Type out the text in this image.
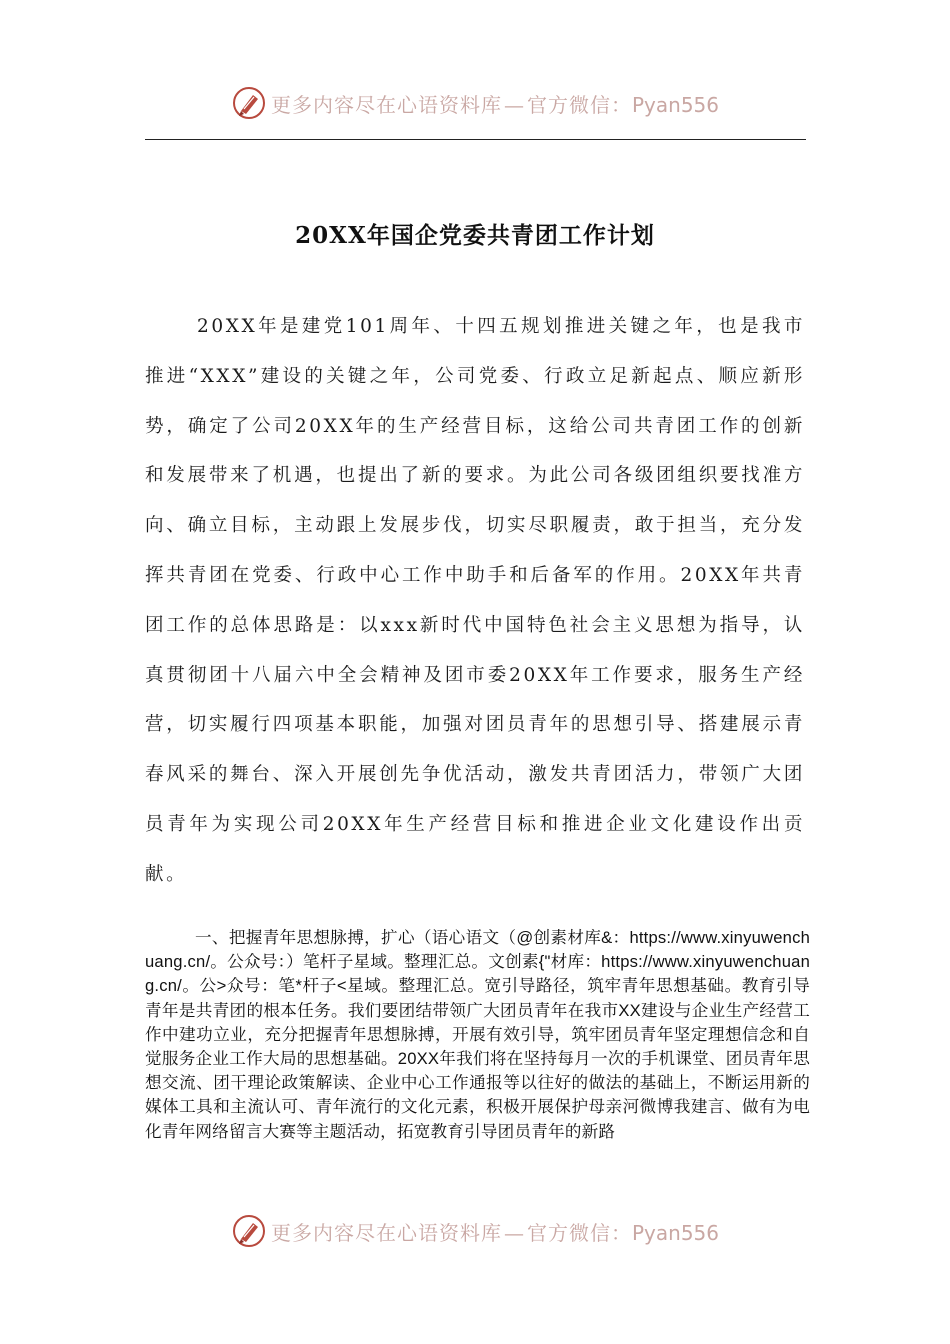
更多内容尽在心语资料库 — 官方微信：Pyan556
20XX年国企党委共青团工作计划

20XX年是建党101周年、十四五规划推进关键之年，也是我市推进“XXX”建设的关键之年，公司党委、行政立足新起点、顺应新形势，确定了公司20XX年的生产经营目标，这给公司共青团工作的创新和发展带来了机遇，也提出了新的要求。为此公司各级团组织要找准方向、确立目标，主动跟上发展步伐，切实尽职履责，敢于担当，充分发挥共青团在党委、行政中心工作中助手和后备军的作用。20XX年共青团工作的总体思路是：以xxx新时代中国特色社会主义思想为指导，认真贯彻团十八届六中全会精神及团市委20XX年工作要求，服务生产经营，切实履行四项基本职能，加强对团员青年的思想引导、搭建展示青春风采的舞台、深入开展创先争优活动，激发共青团活力，带领广大团员青年为实现公司20XX年生产经营目标和推进企业文化建设作出贡献。

一、把握青年思想脉搏，扩心（语心语文（@创素材库&：https://www.xinyuwenchuang.cn/。公众号：）笔杆子星域。整理汇总。文创素{"材库：https://www.xinyuwenchuang.cn/。公>众号：笔*杆子<星域。整理汇总。宽引导路径，筑牢青年思想基础。教育引导青年是共青团的根本任务。我们要团结带领广大团员青年在我市XX建设与企业生产经营工作中建功立业，充分把握青年思想脉搏，开展有效引导，筑牢团员青年坚定理想信念和自觉服务企业工作大局的思想基础。20XX年我们将在坚持每月一次的手机课堂、团员青年思想交流、团干理论政策解读、企业中心工作通报等以往好的做法的基础上，不断运用新的媒体工具和主流认可、青年流行的文化元素，积极开展保护母亲河微博我建言、做有为电化青年网络留言大赛等主题活动，拓宽教育引导团员青年的新路

更多内容尽在心语资料库 — 官方微信：Pyan556
